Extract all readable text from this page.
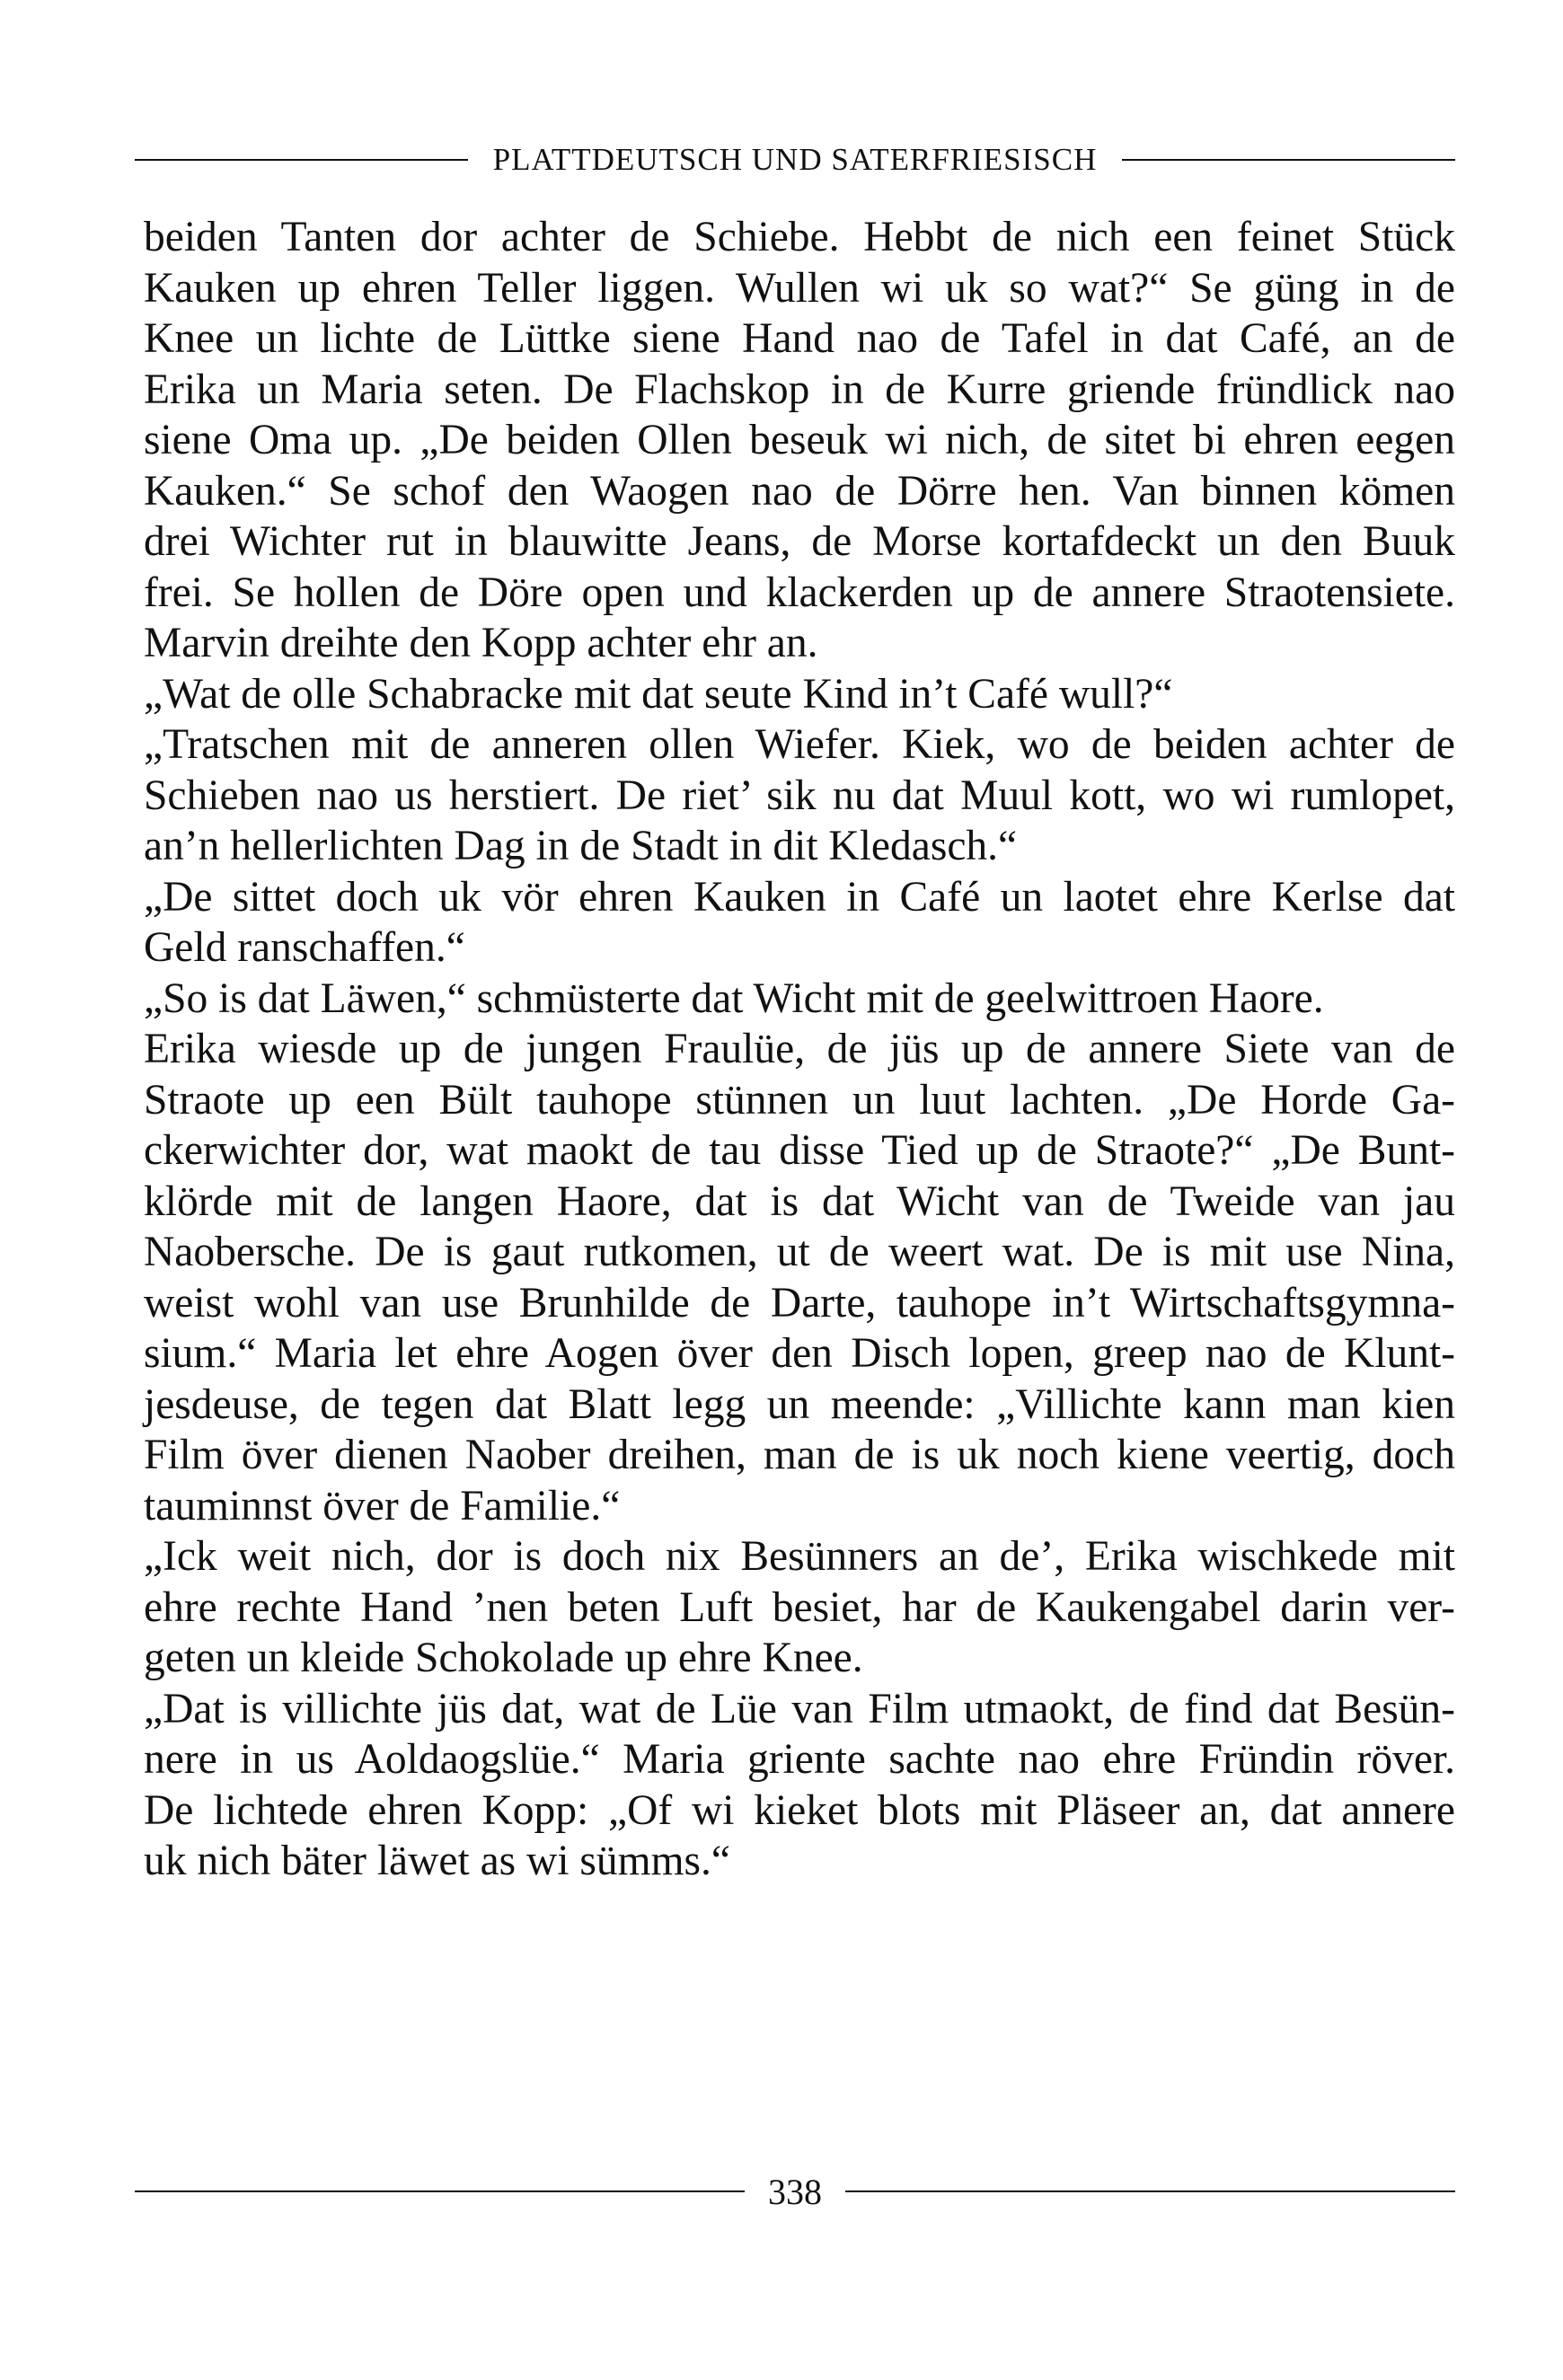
PLATTDEUTSCH UND SATERFRIESISCH
beiden Tanten dor achter de Schiebe. Hebbt de nich een feinet Stück
Kauken up ehren Teller liggen. Wullen wi uk so wat?“ Se güng in de
Knee un lichte de Lüttke siene Hand nao de Tafel in dat Café, an de
Erika un Maria seten. De Flachskop in de Kurre griende fründlick nao
siene Oma up. „De beiden Ollen beseuk wi nich, de sitet bi ehren eegen
Kauken.“ Se schof den Waogen nao de Dörre hen. Van binnen kömen
drei Wichter rut in blauwitte Jeans, de Morse kortafdeckt un den Buuk
frei. Se hollen de Döre open und klackerden up de annere Straotensiete.
Marvin dreihte den Kopp achter ehr an.
„Wat de olle Schabracke mit dat seute Kind in’t Café wull?“
„Tratschen mit de anneren ollen Wiefer. Kiek, wo de beiden achter de
Schieben nao us herstiert. De riet’ sik nu dat Muul kott, wo wi rumlopet,
an’n hellerlichten Dag in de Stadt in dit Kledasch.“
„De sittet doch uk vör ehren Kauken in Café un laotet ehre Kerlse dat
Geld ranschaffen.“
„So is dat Läwen,“ schmüsterte dat Wicht mit de geelwittroen Haore.
Erika wiesde up de jungen Fraulüe, de jüs up de annere Siete van de
Straote up een Bült tauhope stünnen un luut lachten. „De Horde Ga-
ckerwichter dor, wat maokt de tau disse Tied up de Straote?“ „De Bunt-
klörde mit de langen Haore, dat is dat Wicht van de Tweide van jau
Naobersche. De is gaut rutkomen, ut de weert wat. De is mit use Nina,
weist wohl van use Brunhilde de Darte, tauhope in’t Wirtschaftsgymna-
sium.“ Maria let ehre Aogen över den Disch lopen, greep nao de Klunt-
jesdeuse, de tegen dat Blatt legg un meende: „Villichte kann man kien
Film över dienen Naober dreihen, man de is uk noch kiene veertig, doch
tauminnst över de Familie.“
„Ick weit nich, dor is doch nix Besünners an de’, Erika wischkede mit
ehre rechte Hand ’nen beten Luft besiet, har de Kaukengabel darin ver-
geten un kleide Schokolade up ehre Knee.
„Dat is villichte jüs dat, wat de Lüe van Film utmaokt, de find dat Besün-
nere in us Aoldaogslüe.“ Maria griente sachte nao ehre Fründin röver.
De lichtede ehren Kopp: „Of wi kieket blots mit Pläseer an, dat annere
uk nich bäter läwet as wi sümms.“
338
